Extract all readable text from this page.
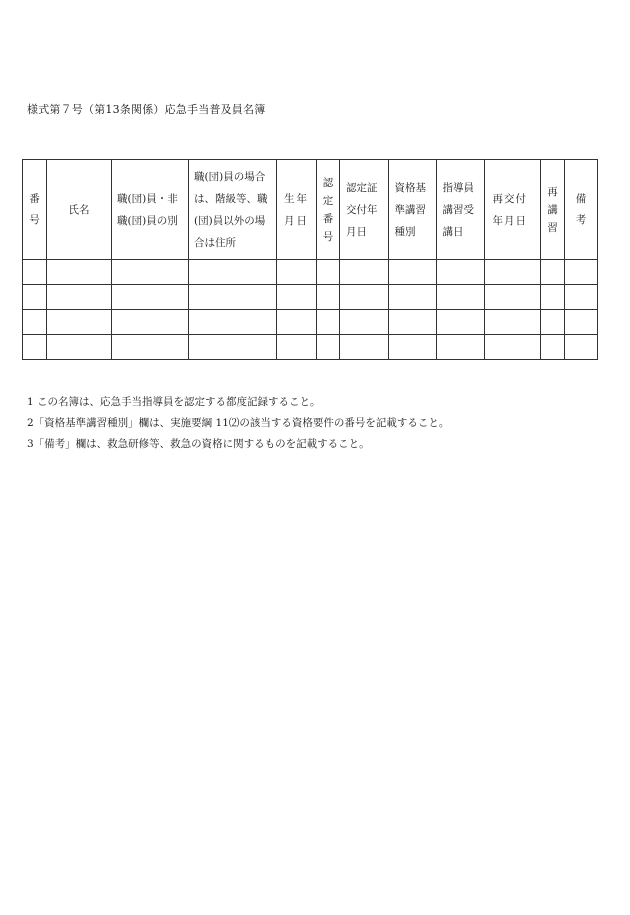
様式第７号（第13条関係）応急手当普及員名簿
番号	氏名	職(団)員・非職(団)員の別	職(団)員の場合は、階級等、職(団)員以外の場合は住所	生年月日	認定番号	認定証交付年月日	資格基準講習種別	指導員講習受講日	再交付年月日	再講習	備考

1 この名簿は、応急手当指導員を認定する都度記録すること。

2「資格基準講習種別」欄は、実施要綱 11⑵の該当する資格要件の番号を記載すること。

3「備考」欄は、救急研修等、救急の資格に関するものを記載すること。
